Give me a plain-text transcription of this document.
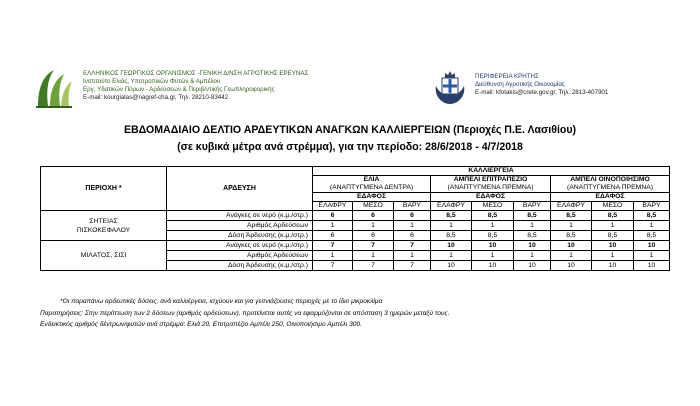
ΕΛΛΗΝΙΚΟΣ ΓΕΩΡΓΙΚΟΣ ΟΡΓΑΝΙΣΜΟΣ -ΓΕΝΙΚΗ Δ/ΝΣΗ ΑΓΡΟΤΙΚΗΣ ΕΡΕΥΝΑΣ
Ινστιτούτο Ελιάς, Υποτροπικών Φυτών & Αμπέλου
Εργ. Υδατικών Πόρων - Αρδεύσεων & Περιβ/ντικής Γεωπληροφορικής
E-mail: kourgialas@nagref-cha.gr, Τηλ. 28210-83442
ΠΕΡΙΦΕΡΕΙΑ ΚΡΗΤΗΣ
Διεύθυνση Αγροτικής Οικονομίας
E-mail: kfotakis@crete.gov.gr, Τηλ. 2813-407901
ΕΒΔΟΜΑΔΙΑΙΟ ΔΕΛΤΙΟ ΑΡΔΕΥΤΙΚΩΝ ΑΝΑΓΚΩΝ ΚΑΛΛΙΕΡΓΕΙΩΝ (Περιοχές Π.Ε. Λασιθίου)
(σε κυβικά μέτρα ανά στρέμμα), για την περίοδο: 28/6/2018 - 4/7/2018
ΠΕΡΙΟΧΗ *	ΑΡΔΕΥΣΗ	ΚΑΛΛΙΕΡΓΕΙΑ								
		ΕΛΙΑ			ΑΜΠΕΛΙ ΕΠΙΤΡΑΠΕΖΙΟ			ΑΜΠΕΛΙ ΟΙΝΟΠΟΙΗΣΙΜΟ		
		(ΑΝΑΠΤΥΓΜΕΝΑ ΔΕΝΤΡΑ)			(ΑΝΑΠΤΥΓΜΕΝΑ ΠΡΕΜΝΑ)			(ΑΝΑΠΤΥΓΜΕΝΑ ΠΡΕΜΝΑ)		
		ΕΔΑΦΟΣ			ΕΔΑΦΟΣ			ΕΔΑΦΟΣ		
		ΕΛΑΦΡΥ	ΜΕΣΟ	ΒΑΡΥ	ΕΛΑΦΡΥ	ΜΕΣΟ	ΒΑΡΥ	ΕΛΑΦΡΥ	ΜΕΣΟ	ΒΑΡΥ
ΣΗΤΕΙΑΣ
ΠΙΣΚΟΚΕΦΑΛΟΥ	Ανάγκες σε νερό (κ.μ./στρ.)	6	6	6	8,5	8,5	8,5	8,5	8,5	8,5
	Αριθμός Αρδεύσεων	1	1	1	1	1	1	1	1	1
	Δόση Άρδευσης (κ.μ./στρ.)	6	6	6	8,5	8,5	8,5	8,5	8,5	8,5
ΜΙΛΑΤΟΣ, ΣΙΣΙ	Ανάγκες σε νερό (κ.μ./στρ.)	7	7	7	10	10	10	10	10	10
	Αριθμός Αρδεύσεων	1	1	1	1	1	1	1	1	1
	Δόση Άρδευσης (κ.μ./στρ.)	7	7	7	10	10	10	10	10	10
*Οι παραπάνω αρδευτικές δόσεις, ανά καλλιέργεια, ισχύουν και για γειτνιάζουσες περιοχές με το ίδιο μικροκλίμα
Παρατηρήσεις: Στην περίπτωση των 2 δόσεων (αριθμός αρδεύσεων), προτείνεται αυτές να εφαρμόζονται σε απόσταση 3 ημερών μεταξύ τους.
Ενδεικτικός αριθμός δέντρων/φυτών ανά στρέμμα: Ελιά 20, Επιτραπέζιο Αμπέλι 250, Οινοποιήσιμο Αμπέλι 300.
